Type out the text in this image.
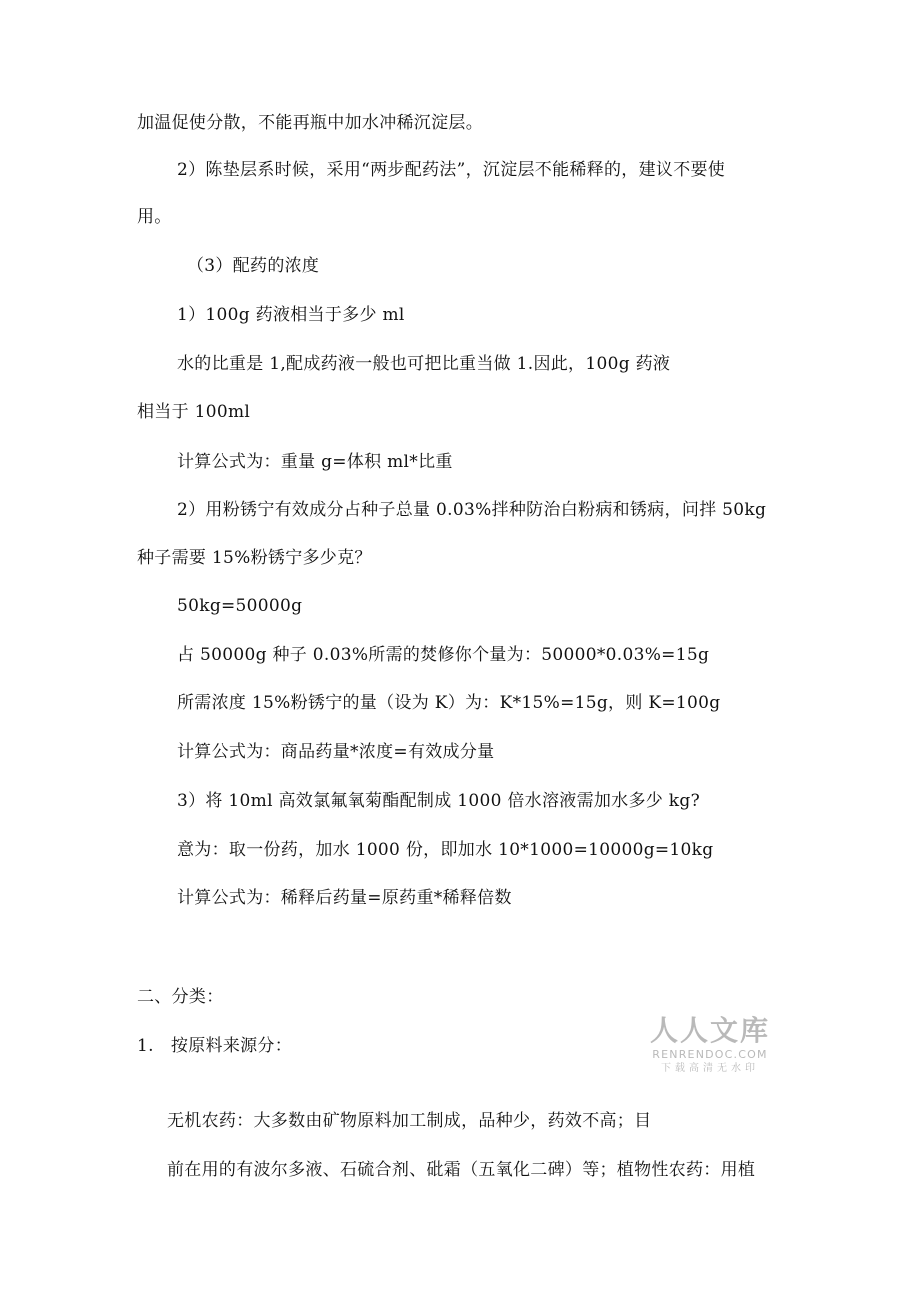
加温促使分散，不能再瓶中加水冲稀沉淀层。

2）陈垫层系时候，采用“两步配药法”，沉淀层不能稀释的，建议不要使

用。

（3）配药的浓度

1）100g 药液相当于多少 ml

水的比重是 1,配成药液一般也可把比重当做 1.因此，100g 药液

相当于 100ml

计算公式为：重量 g=体积 ml*比重

2）用粉锈宁有效成分占种子总量 0.03%拌种防治白粉病和锈病，问拌 50kg

种子需要 15%粉锈宁多少克？

50kg=50000g

占 50000g 种子 0.03%所需的焚修你个量为：50000*0.03%=15g

所需浓度 15%粉锈宁的量（设为 K）为：K*15%=15g，则 K=100g

计算公式为：商品药量*浓度=有效成分量

3）将 10ml 高效氯氟氧菊酯配制成 1000 倍水溶液需加水多少 kg?

意为：取一份药，加水 1000 份，即加水 10*1000=10000g=10kg

计算公式为：稀释后药量=原药重*稀释倍数

二、分类：

1.   按原料来源分：

无机农药：大多数由矿物原料加工制成，品种少，药效不高；目

前在用的有波尔多液、石硫合剂、砒霜（五氧化二碑）等；植物性农药：用植

人人文库
RENRENDOC.COM
下载高清无水印
